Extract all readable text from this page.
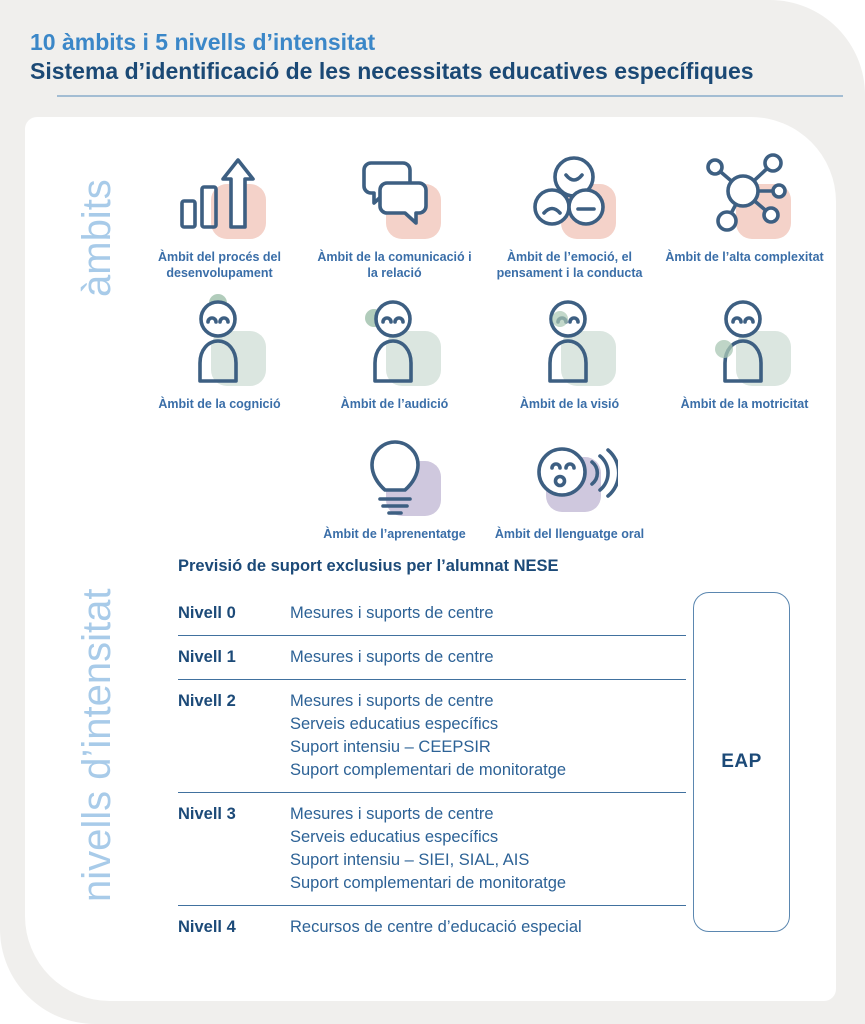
10 àmbits i 5 nivells d’intensitat
Sistema d’identificació de les necessitats educatives específiques
àmbits	Àmbit del procés del desenvolupament
Àmbit de la comunicació i la relació
Àmbit de l’emoció, el pensament i la conducta
Àmbit de l’alta complexitat
Àmbit de la cognició	Àmbit de l’audició	Àmbit de la visió	Àmbit de la motricitat
Àmbit de l’aprenentatge	Àmbit del llenguatge oral
nivells d’intensitat
Previsió de suport exclusius per l’alumnat NESE
Nivell 0	Mesures i suports de centre
Nivell 1	Mesures i suports de centre
Nivell 2	Mesures i suports de centre
Serveis educatius específics
Suport intensiu – CEEPSIR
Suport complementari de monitoratge
Nivell 3	Mesures i suports de centre
Serveis educatius específics
Suport intensiu – SIEI, SIAL, AIS
Suport complementari de monitoratge
Nivell 4	Recursos de centre d’educació especial
EAP
